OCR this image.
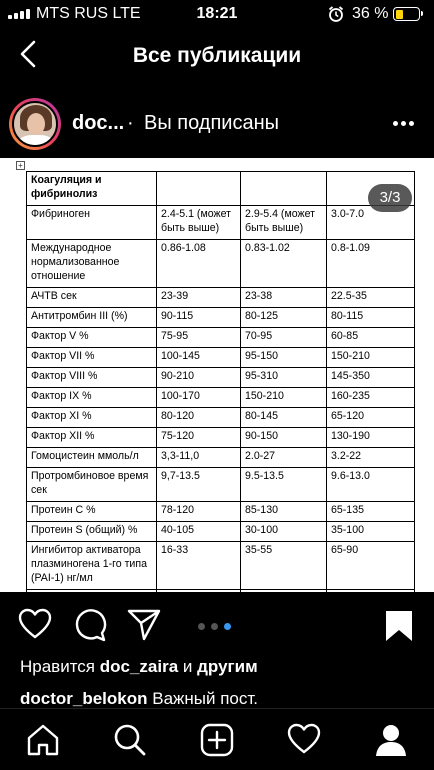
MTS RUS LTE	18:21	36 %
Все публикации
doc... · Вы подписаны
+
Коагуляция и фибринолиз			
Фибриноген	2.4-5.1 (может быть выше)	2.9-5.4 (может быть выше)	3.0-7.0
Международное нормализованное отношение	0.86-1.08	0.83-1.02	0.8-1.09
АЧТВ сек	23-39	23-38	22.5-35
Антитромбин III (%)	90-115	80-125	80-115
Фактор V %	75-95	70-95	60-85
Фактор VII %	100-145	95-150	150-210
Фактор VIII %	90-210	95-310	145-350
Фактор IX %	100-170	150-210	160-235
Фактор XI %	80-120	80-145	65-120
Фактор XII %	75-120	90-150	130-190
Гомоцистеин ммоль/л	3,3-11,0	2.0-27	3.2-22
Протромбиновое время сек	9,7-13.5	9.5-13.5	9.6-13.0
Протеин С %	78-120	85-130	65-135
Протеин S (общий) %	40-105	30-100	35-100
Ингибитор активатора плазминогена 1-го типа (PAI-1) нг/мл	16-33	35-55	65-90

3/3
Нравится doc_zaira и другим
doctor_belokon Важный пост.
